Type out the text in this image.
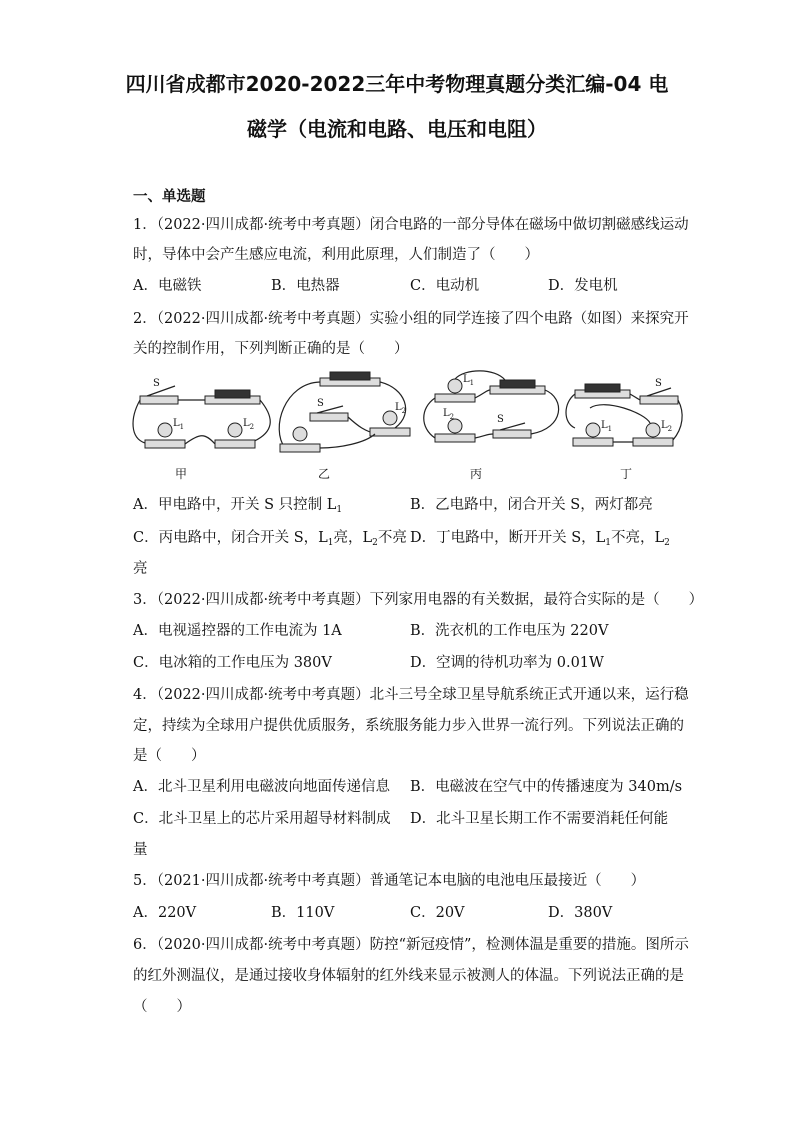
四川省成都市2020-2022三年中考物理真题分类汇编-04 电
磁学（电流和电路、电压和电阻）
一、单选题
1．（2022·四川成都·统考中考真题）闭合电路的一部分导体在磁场中做切割磁感线运动
时，导体中会产生感应电流，利用此原理，人们制造了（　　）
A．电磁铁	B．电热器	C．电动机	D．发电机
2．（2022·四川成都·统考中考真题）实验小组的同学连接了四个电路（如图）来探究开
关的控制作用，下列判断正确的是（　　）
S
$L_1$	$L_2$
S	$L_2$
$L_1$
$L_2$	S
S
$L_1$	$L_2$
甲	乙	丙	丁
A．甲电路中，开关 S 只控制 $L_1$	B．乙电路中，闭合开关 S，两灯都亮
C．丙电路中，闭合开关 S，$L_1$亮，$L_2$不亮 D．丁电路中，断开开关 S，$L_1$不亮，$L_2$
亮
3．（2022·四川成都·统考中考真题）下列家用电器的有关数据，最符合实际的是（　　）
A．电视遥控器的工作电流为 1A	B．洗衣机的工作电压为 220V
C．电冰箱的工作电压为 380V	D．空调的待机功率为 0.01W
4．（2022·四川成都·统考中考真题）北斗三号全球卫星导航系统正式开通以来，运行稳
定，持续为全球用户提供优质服务，系统服务能力步入世界一流行列。下列说法正确的
是（　　）
A．北斗卫星利用电磁波向地面传递信息 B．电磁波在空气中的传播速度为 340m/s
C．北斗卫星上的芯片采用超导材料制成 D．北斗卫星长期工作不需要消耗任何能
量
5．（2021·四川成都·统考中考真题）普通笔记本电脑的电池电压最接近（　　）
A．220V	B．110V	C．20V	D．380V
6．（2020·四川成都·统考中考真题）防控“新冠疫情”，检测体温是重要的措施。图所示
的红外测温仪，是通过接收身体辐射的红外线来显示被测人的体温。下列说法正确的是
（　　）
